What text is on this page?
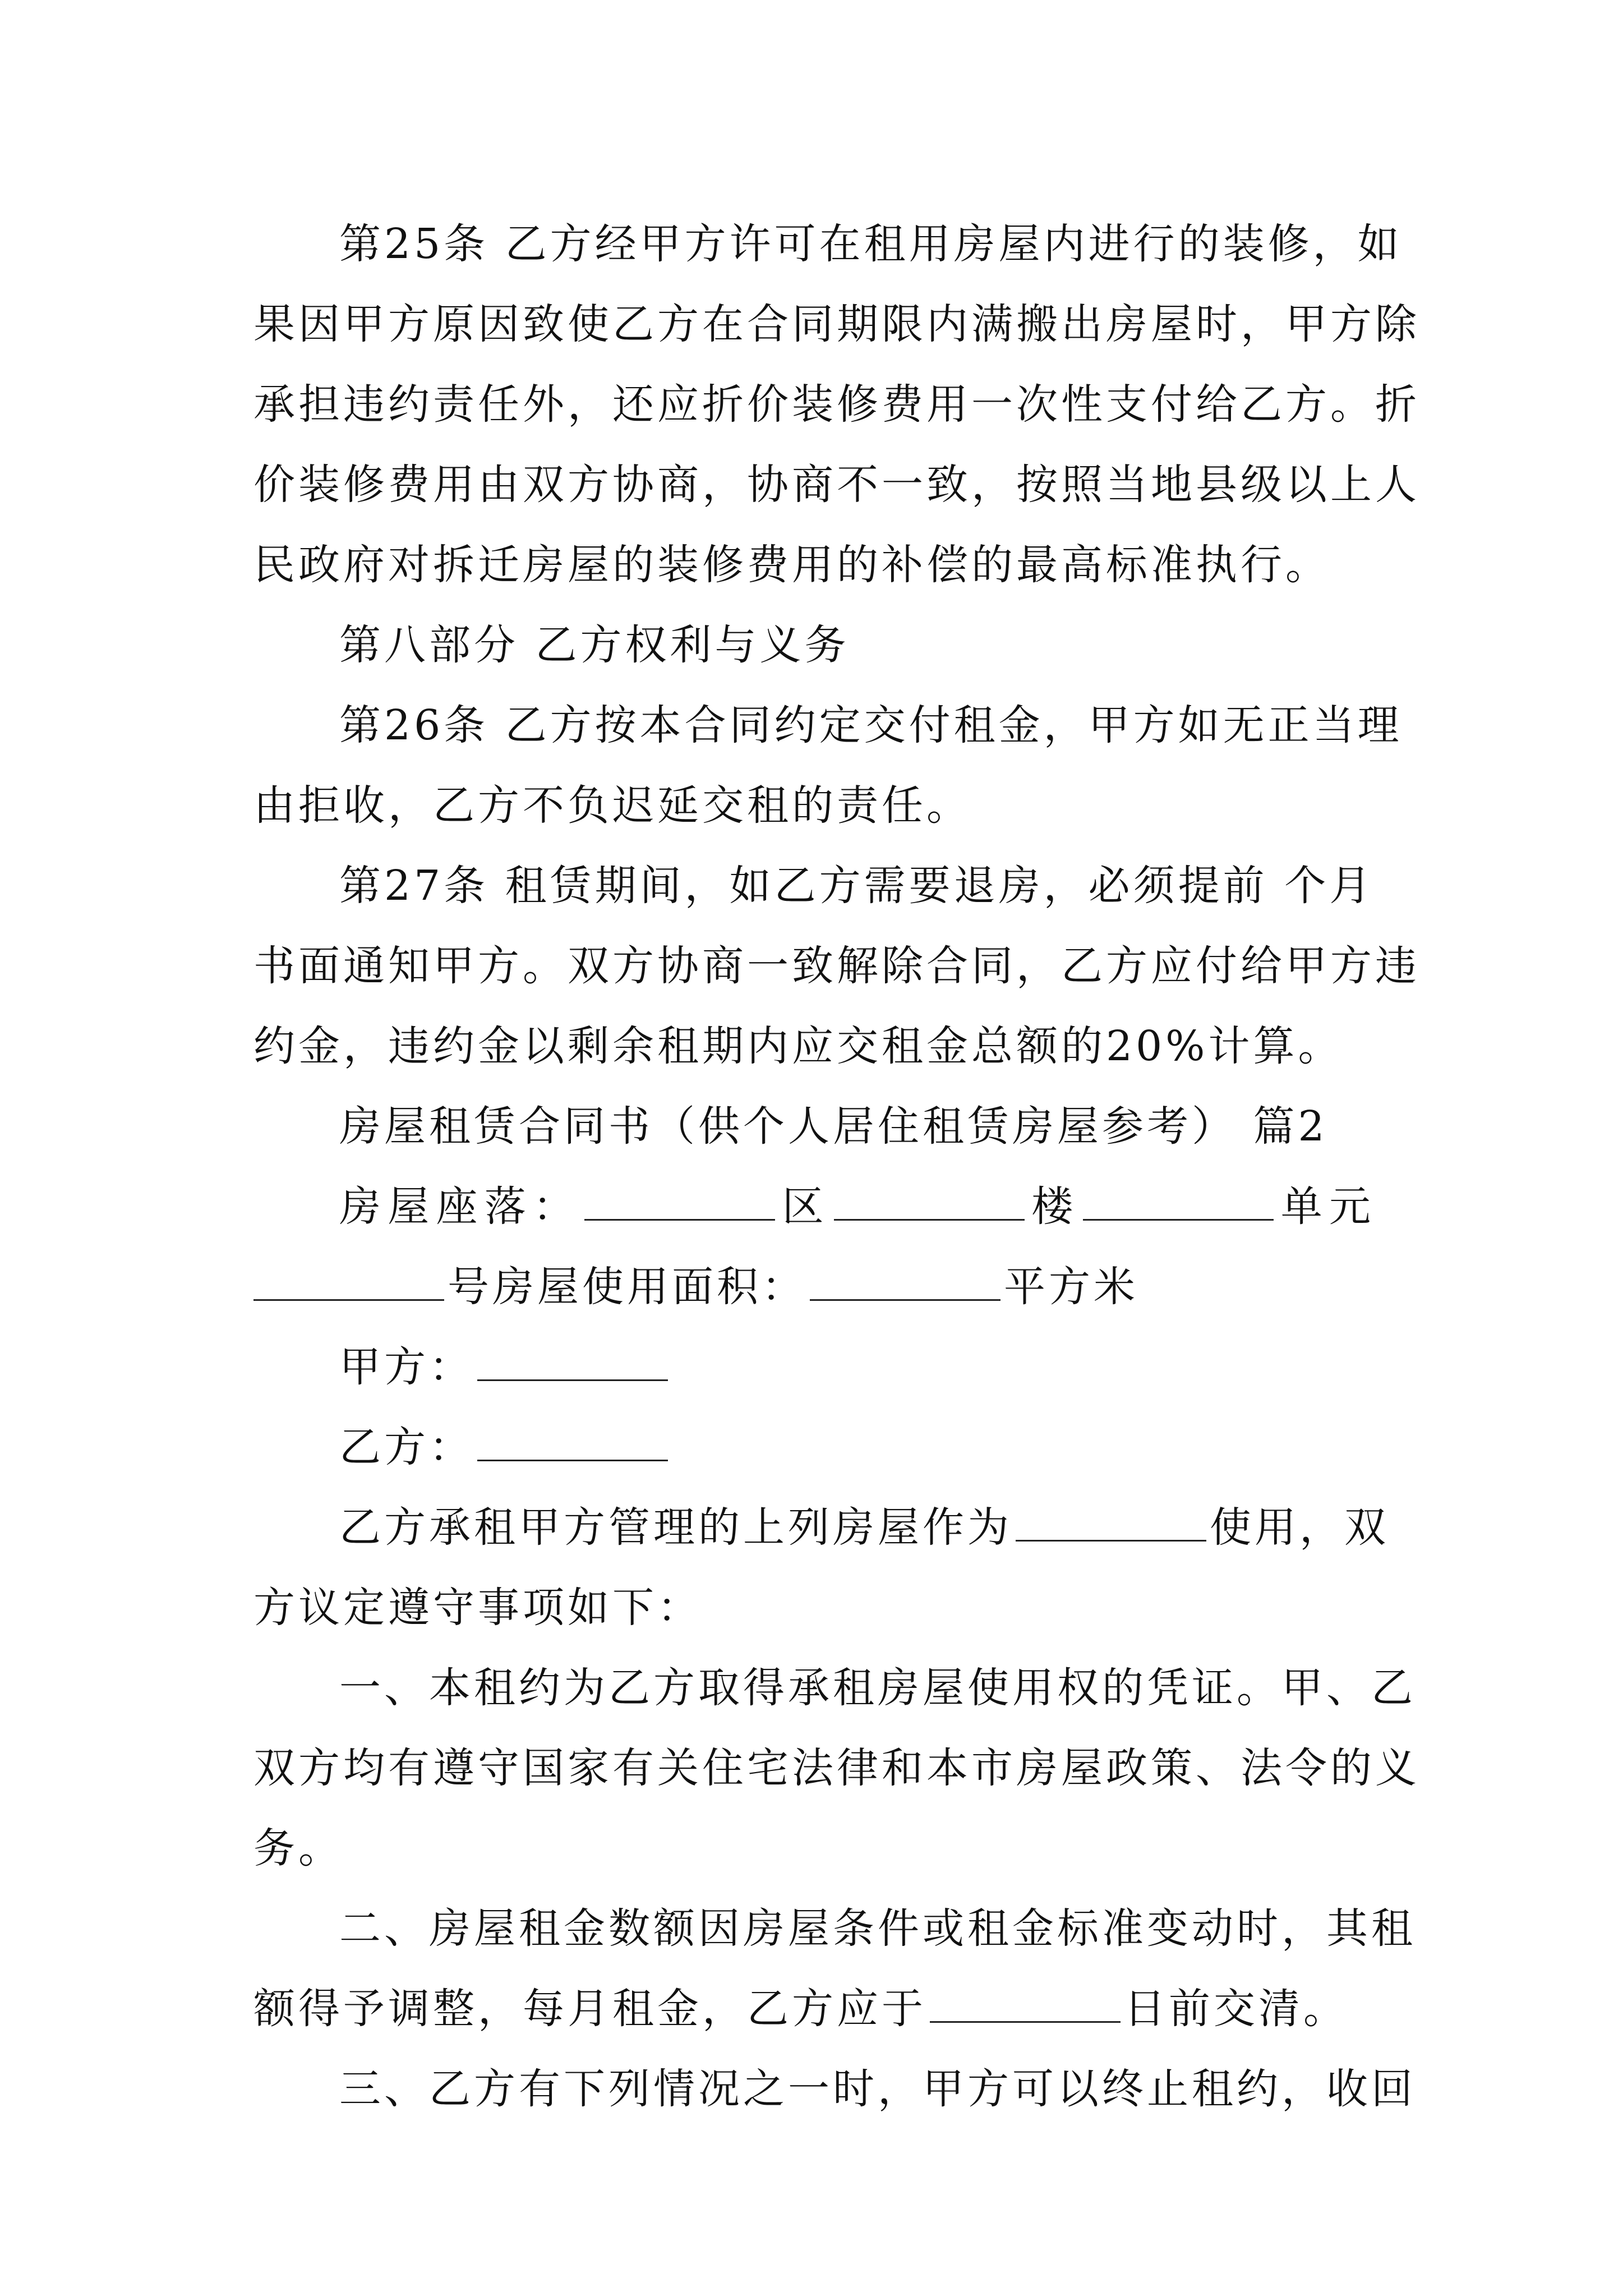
第25条 乙方经甲方许可在租用房屋内进行的装修，如
果因甲方原因致使乙方在合同期限内满搬出房屋时，甲方除
承担违约责任外，还应折价装修费用一次性支付给乙方。折
价装修费用由双方协商，协商不一致，按照当地县级以上人
民政府对拆迁房屋的装修费用的补偿的最高标准执行。
第八部分 乙方权利与义务
第26条 乙方按本合同约定交付租金，甲方如无正当理
由拒收，乙方不负迟延交租的责任。
第27条 租赁期间，如乙方需要退房，必须提前 个月
书面通知甲方。双方协商一致解除合同，乙方应付给甲方违
约金，违约金以剩余租期内应交租金总额的20%计算。
房屋租赁合同书（供个人居住租赁房屋参考） 篇2
房屋座落：	区	楼	单元
号房屋使用面积：	平方米
甲方：
乙方：
乙方承租甲方管理的上列房屋作为	使用，双
方议定遵守事项如下：
一、本租约为乙方取得承租房屋使用权的凭证。甲、乙
双方均有遵守国家有关住宅法律和本市房屋政策、法令的义
务。
二、房屋租金数额因房屋条件或租金标准变动时，其租
额得予调整，每月租金，乙方应于	日前交清。
三、乙方有下列情况之一时，甲方可以终止租约，收回
